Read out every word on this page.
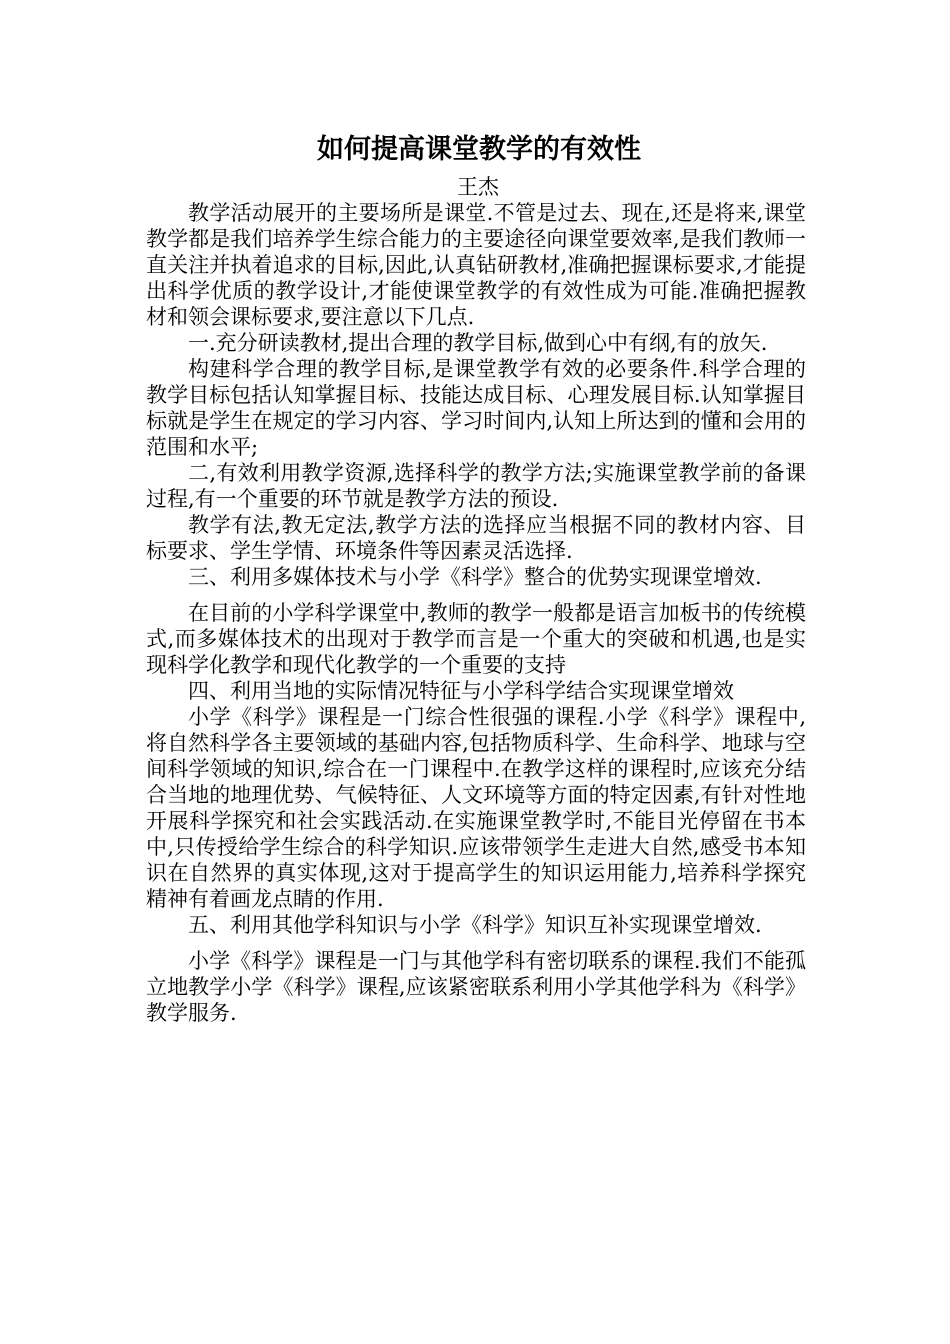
如何提高课堂教学的有效性
王杰

教学活动展开的主要场所是课堂.不管是过去、现在,还是将来,课堂教学都是我们培养学生综合能力的主要途径向课堂要效率,是我们教师一直关注并执着追求的目标,因此,认真钻研教材,准确把握课标要求,才能提出科学优质的教学设计,才能使课堂教学的有效性成为可能.准确把握教材和领会课标要求,要注意以下几点.

一.充分研读教材,提出合理的教学目标,做到心中有纲,有的放矢.

构建科学合理的教学目标,是课堂教学有效的必要条件.科学合理的教学目标包括认知掌握目标、技能达成目标、心理发展目标.认知掌握目标就是学生在规定的学习内容、学习时间内,认知上所达到的懂和会用的范围和水平;

二,有效利用教学资源,选择科学的教学方法;实施课堂教学前的备课过程,有一个重要的环节就是教学方法的预设.

教学有法,教无定法,教学方法的选择应当根据不同的教材内容、目标要求、学生学情、环境条件等因素灵活选择.

三、利用多媒体技术与小学《科学》整合的优势实现课堂增效.

在目前的小学科学课堂中,教师的教学一般都是语言加板书的传统模式,而多媒体技术的出现对于教学而言是一个重大的突破和机遇,也是实现科学化教学和现代化教学的一个重要的支持

四、利用当地的实际情况特征与小学科学结合实现课堂增效

小学《科学》课程是一门综合性很强的课程.小学《科学》课程中,将自然科学各主要领域的基础内容,包括物质科学、生命科学、地球与空间科学领域的知识,综合在一门课程中.在教学这样的课程时,应该充分结合当地的地理优势、气候特征、人文环境等方面的特定因素,有针对性地开展科学探究和社会实践活动.在实施课堂教学时,不能目光停留在书本中,只传授给学生综合的科学知识.应该带领学生走进大自然,感受书本知识在自然界的真实体现,这对于提高学生的知识运用能力,培养科学探究精神有着画龙点睛的作用.

五、利用其他学科知识与小学《科学》知识互补实现课堂增效.

小学《科学》课程是一门与其他学科有密切联系的课程.我们不能孤立地教学小学《科学》课程,应该紧密联系利用小学其他学科为《科学》教学服务.
